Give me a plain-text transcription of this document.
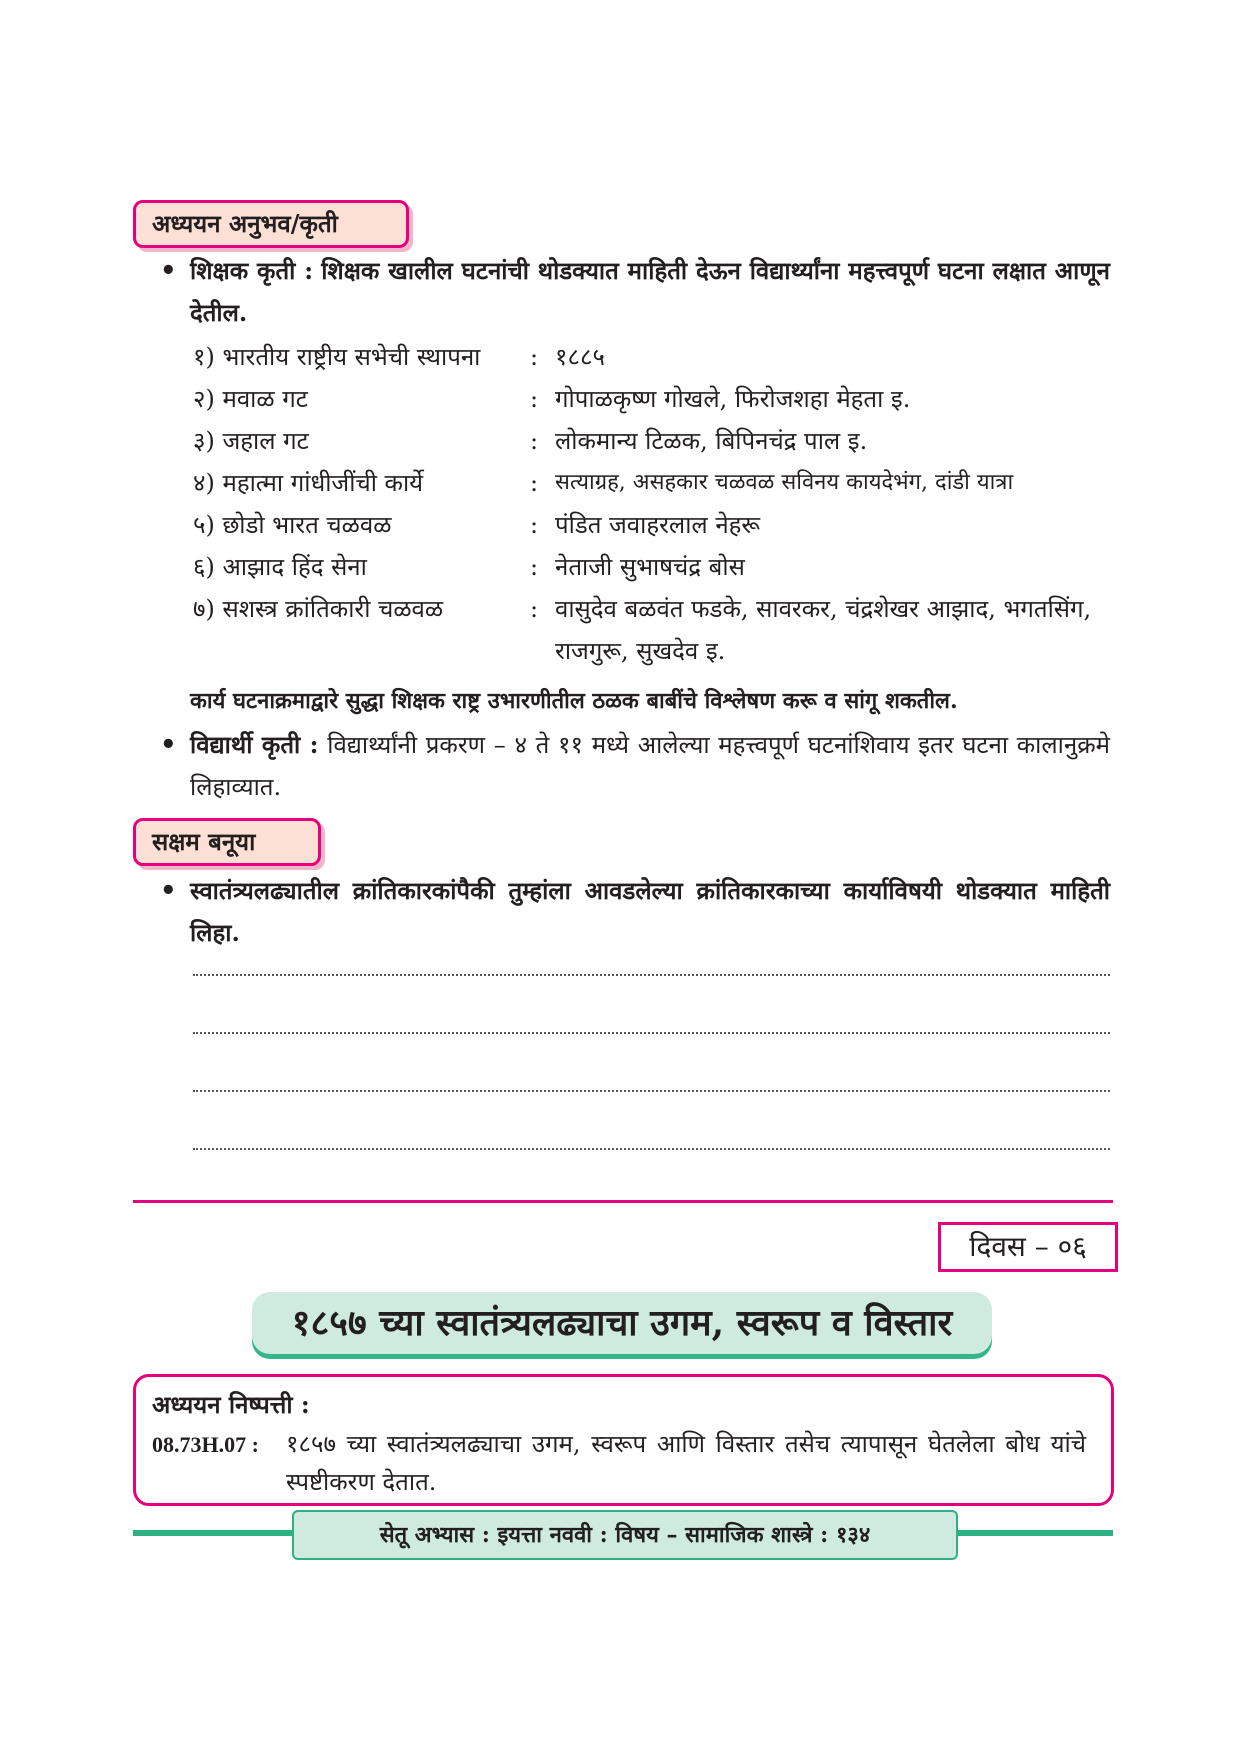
अध्ययन अनुभव/कृती
• शिक्षक कृती : शिक्षक खालील घटनांची थोडक्यात माहिती देऊन विद्यार्थ्यांना महत्त्वपूर्ण घटना लक्षात आणून देतील.
१) भारतीय राष्ट्रीय सभेची स्थापना : १८८५
२) मवाळ गट	: गोपाळकृष्ण गोखले, फिरोजशहा मेहता इ.
३) जहाल गट	: लोकमान्य टिळक, बिपिनचंद्र पाल इ.
४) महात्मा गांधीजींची कार्ये	: सत्याग्रह, असहकार चळवळ सविनय कायदेभंग, दांडी यात्रा
५) छोडो भारत चळवळ	: पंडित जवाहरलाल नेहरू
६) आझाद हिंद सेना	: नेताजी सुभाषचंद्र बोस
७) सशस्त्र क्रांतिकारी चळवळ	: वासुदेव बळवंत फडके, सावरकर, चंद्रशेखर आझाद, भगतसिंग, राजगुरू, सुखदेव इ.
कार्य घटनाक्रमाद्वारे सुद्धा शिक्षक राष्ट्र उभारणीतील ठळक बाबींचे विश्लेषण करू व सांगू शकतील.
• विद्यार्थी कृती : विद्यार्थ्यांनी प्रकरण – ४ ते ११ मध्ये आलेल्या महत्त्वपूर्ण घटनांशिवाय इतर घटना कालानुक्रमे लिहाव्यात.
सक्षम बनूया
• स्वातंत्र्यलढ्यातील क्रांतिकारकांपैकी तुम्हांला आवडलेल्या क्रांतिकारकाच्या कार्याविषयी थोडक्यात माहिती लिहा.
दिवस – ०६
१८५७ च्या स्वातंत्र्यलढ्याचा उगम, स्वरूप व विस्तार
अध्ययन निष्पत्ती :
08.73H.07 : १८५७ च्या स्वातंत्र्यलढ्याचा उगम, स्वरूप आणि विस्तार तसेच त्यापासून घेतलेला बोध यांचे स्पष्टीकरण देतात.
सेतू अभ्यास : इयत्ता नववी : विषय – सामाजिक शास्त्रे : १३४
